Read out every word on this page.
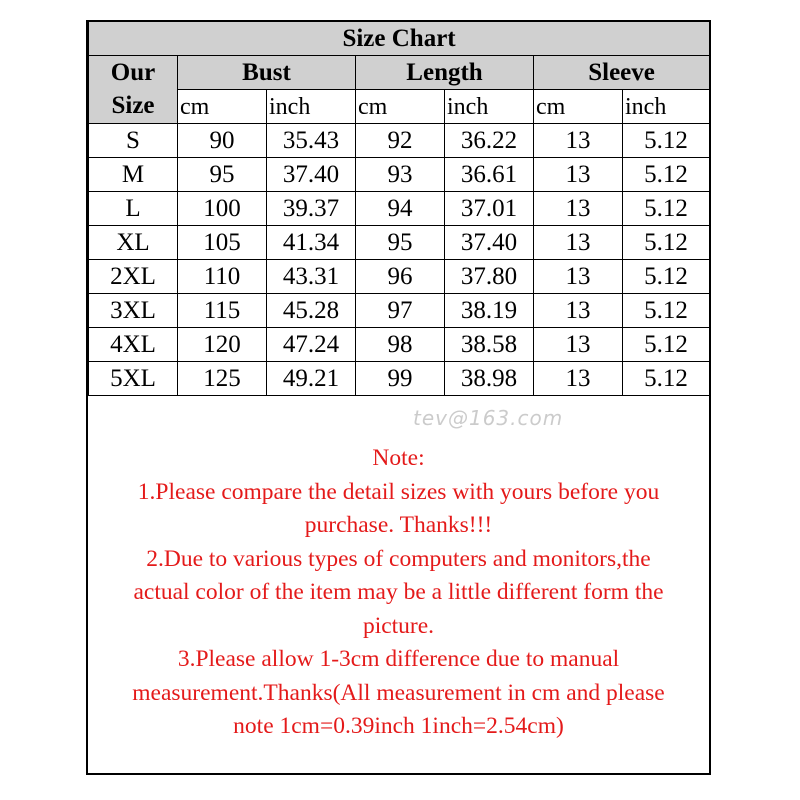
Size Chart						
Our	Bust		Length		Sleeve	
Size	cm	inch	cm	inch	cm	inch
S	90	35.43	92	36.22	13	5.12
M	95	37.40	93	36.61	13	5.12
L	100	39.37	94	37.01	13	5.12
XL	105	41.34	95	37.40	13	5.12
2XL	110	43.31	96	37.80	13	5.12
3XL	115	45.28	97	38.19	13	5.12
4XL	120	47.24	98	38.58	13	5.12
5XL	125	49.21	99	38.98	13	5.12
tev@163.com
Note:
1.Please compare the detail sizes with yours before you
purchase. Thanks!!!
2.Due to various types of computers and monitors,the
actual color of the item may be a little different form the
picture.
3.Please allow 1-3cm difference due to manual
measurement.Thanks(All measurement in cm and please
note 1cm=0.39inch 1inch=2.54cm)
